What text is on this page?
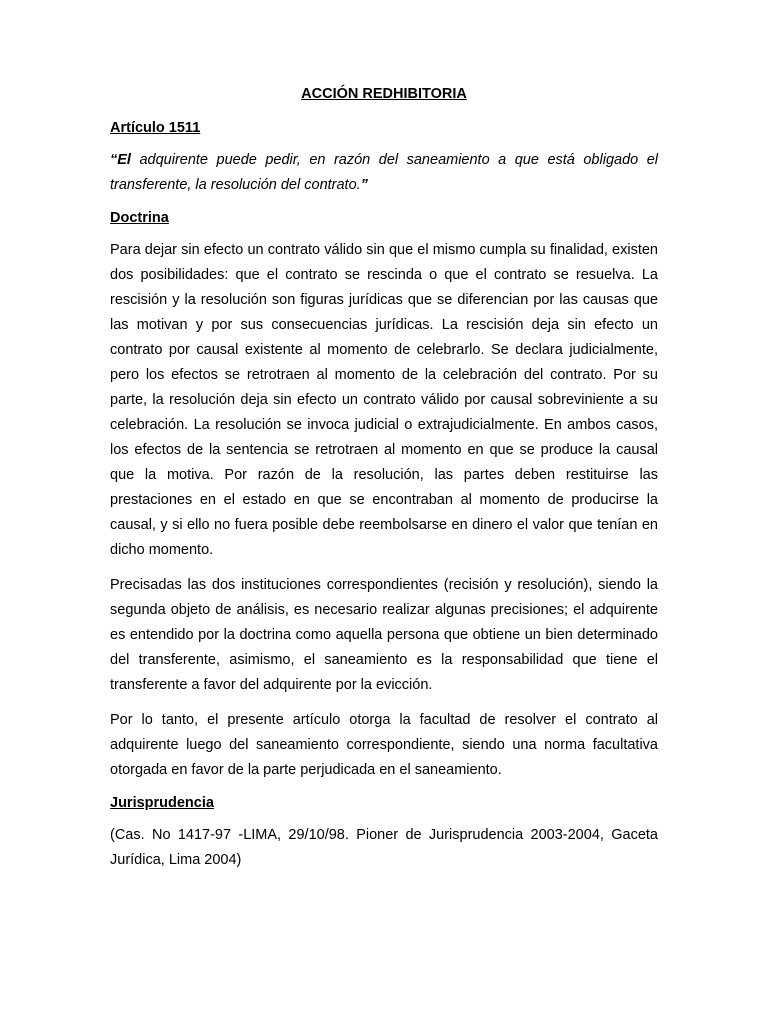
ACCIÓN REDHIBITORIA
Artículo 1511
“El adquirente puede pedir, en razón del saneamiento a que está obligado el transferente, la resolución del contrato.”
Doctrina

Para dejar sin efecto un contrato válido sin que el mismo cumpla su finalidad, existen dos posibilidades: que el contrato se rescinda o que el contrato se resuelva. La rescisión y la resolución son figuras jurídicas que se diferencian por las causas que las motivan y por sus consecuencias jurídicas. La rescisión deja sin efecto un contrato por causal existente al momento de celebrarlo. Se declara judicialmente, pero los efectos se retrotraen al momento de la celebración del contrato. Por su parte, la resolución deja sin efecto un contrato válido por causal sobreviniente a su celebración. La resolución se invoca judicial o extrajudicialmente. En ambos casos, los efectos de la sentencia se retrotraen al momento en que se produce la causal que la motiva. Por razón de la resolución, las partes deben restituirse las prestaciones en el estado en que se encontraban al momento de producirse la causal, y si ello no fuera posible debe reembolsarse en dinero el valor que tenían en dicho momento.

Precisadas las dos instituciones correspondientes (recisión y resolución), siendo la segunda objeto de análisis, es necesario realizar algunas precisiones; el adquirente es entendido por la doctrina como aquella persona que obtiene un bien determinado del transferente, asimismo, el saneamiento es la responsabilidad que tiene el transferente a favor del adquirente por la evicción.

Por lo tanto, el presente artículo otorga la facultad de resolver el contrato al adquirente luego del saneamiento correspondiente, siendo una norma facultativa otorgada en favor de la parte perjudicada en el saneamiento.

Jurisprudencia

(Cas. No 1417-97 -LIMA, 29/10/98. Pioner de Jurisprudencia 2003-2004, Gaceta Jurídica, Lima 2004)
